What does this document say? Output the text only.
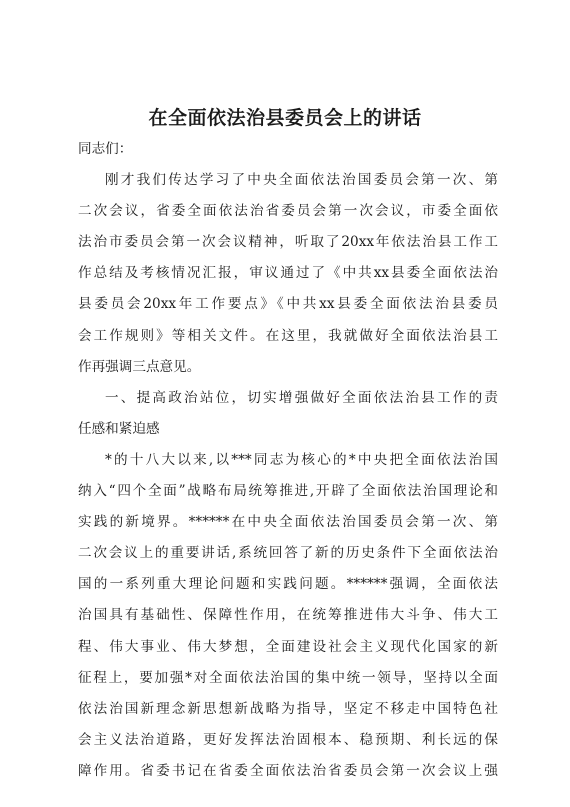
在全面依法治县委员会上的讲话
同志们：
刚才我们传达学习了中央全面依法治国委员会第一次、第
二次会议，省委全面依法治省委员会第一次会议，市委全面依
法治市委员会第一次会议精神，听取了20xx年依法治县工作工
作总结及考核情况汇报，审议通过了《中共xx县委全面依法治
县委员会20xx年工作要点》《中共xx县委全面依法治县委员
会工作规则》等相关文件。在这里，我就做好全面依法治县工
作再强调三点意见。
一、提高政治站位，切实增强做好全面依法治县工作的责
任感和紧迫感
*的十八大以来,以***同志为核心的*中央把全面依法治国
纳入“四个全面”战略布局统筹推进,开辟了全面依法治国理论和
实践的新境界。******在中央全面依法治国委员会第一次、第
二次会议上的重要讲话,系统回答了新的历史条件下全面依法治
国的一系列重大理论问题和实践问题。******强调，全面依法
治国具有基础性、保障性作用，在统筹推进伟大斗争、伟大工
程、伟大事业、伟大梦想，全面建设社会主义现代化国家的新
征程上，要加强*对全面依法治国的集中统一领导，坚持以全面
依法治国新理念新思想新战略为指导，坚定不移走中国特色社
会主义法治道路，更好发挥法治固根本、稳预期、利长远的保
障作用。省委书记在省委全面依法治省委员会第一次会议上强
